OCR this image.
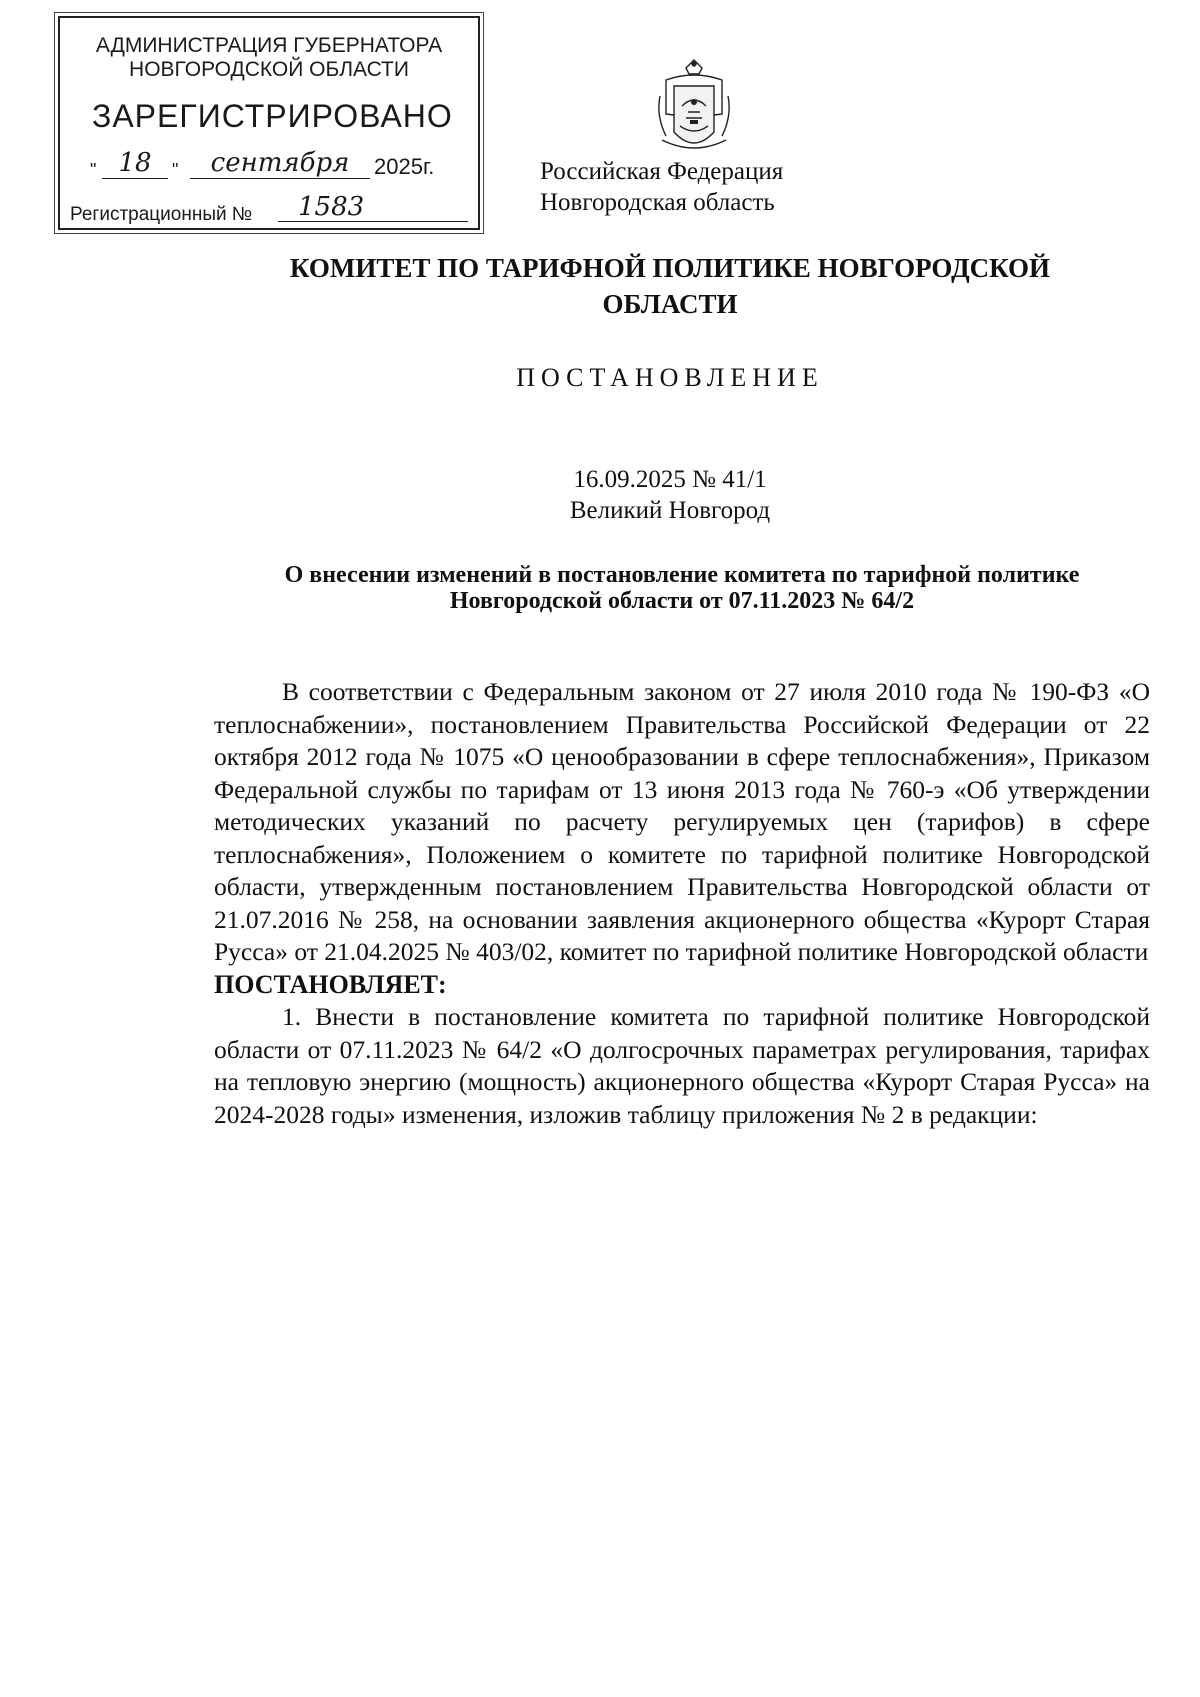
АДМИНИСТРАЦИЯ ГУБЕРНАТОРА
НОВГОРОДСКОЙ ОБЛАСТИ
ЗАРЕГИСТРИРОВАНО
" 18	"	сентября	2025г.
Регистрационный №	1583
Российская Федерация
Новгородская область
КОМИТЕТ ПО ТАРИФНОЙ ПОЛИТИКЕ НОВГОРОДСКОЙ ОБЛАСТИ
ПОСТАНОВЛЕНИЕ
16.09.2025 № 41/1
Великий Новгород
О внесении изменений в постановление комитета по тарифной политике Новгородской области от 07.11.2023 № 64/2

В соответствии с Федеральным законом от 27 июля 2010 года № 190-ФЗ «О теплоснабжении», постановлением Правительства Российской Федерации от 22 октября 2012 года № 1075 «О ценообразовании в сфере теплоснабжения», Приказом Федеральной службы по тарифам от 13 июня 2013 года № 760-э «Об утверждении методических указаний по расчету регулируемых цен (тарифов) в сфере теплоснабжения», Положением о комитете по тарифной политике Новгородской области, утвержденным постановлением Правительства Новгородской области от 21.07.2016 № 258, на основании заявления акционерного общества «Курорт Старая Русса» от 21.04.2025 № 403/02, комитет по тарифной политике Новгородской области

ПОСТАНОВЛЯЕТ:

1. Внести в постановление комитета по тарифной политике Новгородской области от 07.11.2023 № 64/2 «О долгосрочных параметрах регулирования, тарифах на тепловую энергию (мощность) акционерного общества «Курорт Старая Русса» на 2024-2028 годы» изменения, изложив таблицу приложения № 2 в редакции:
